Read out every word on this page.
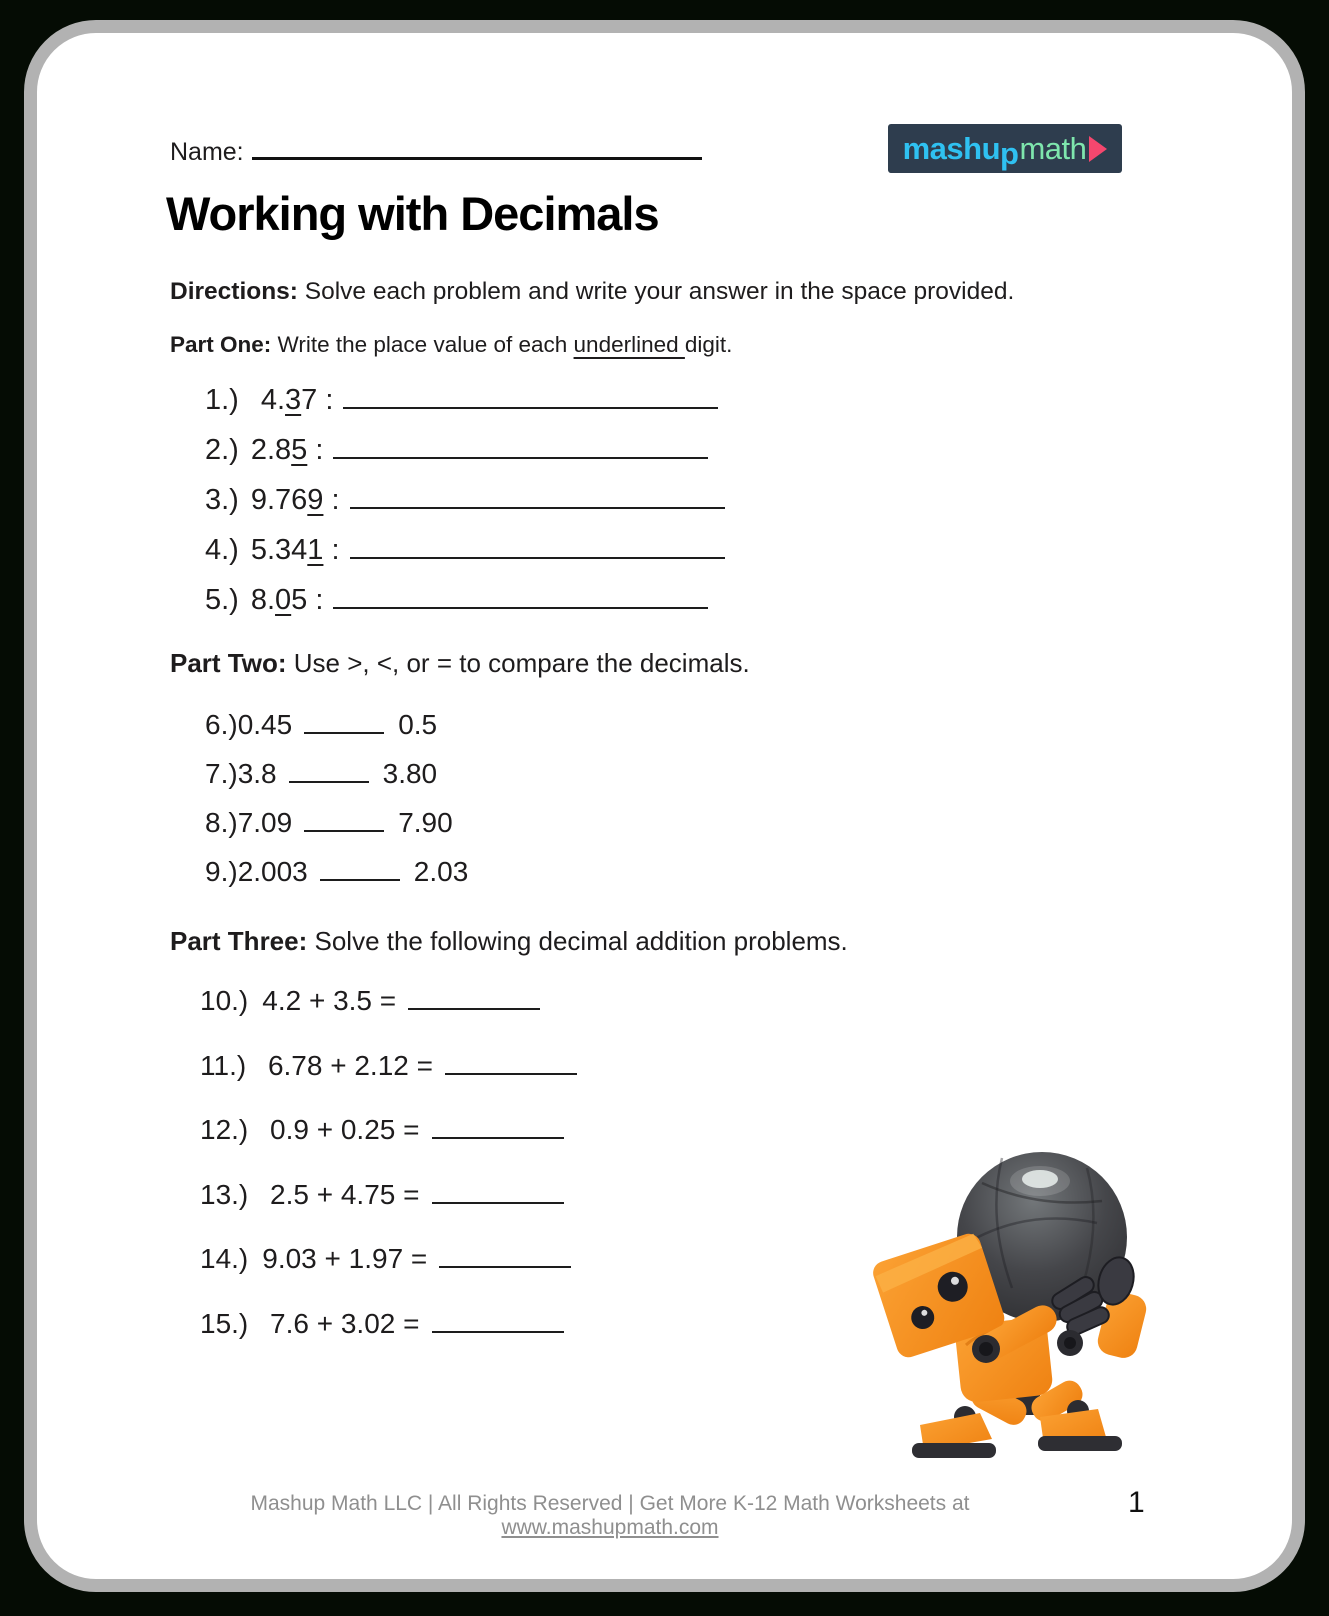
Name:	mashu p math
Working with Decimals
Directions: Solve each problem and write your answer in the space provided.
Part One: Write the place value of each underlined digit.
1.) 4.37
:
2.) 2.85
:
3.) 9.769
:
4.) 5.341
:
5.) 8.05
:
Part Two: Use >, <, or = to compare the decimals.
6.) 0.45	0.5
7.) 3.8	3.80
8.) 7.09	7.90
9.) 2.003	2.03
Part Three: Solve the following decimal addition problems.
10.) 4.2 + 3.5 =
11.) 6.78 + 2.12 =
12.) 0.9 + 0.25 =
13.) 2.5 + 4.75 =
14.) 9.03 + 1.97 =
15.) 7.6 + 3.02 =
Mashup Math LLC | All Rights Reserved | Get More K-12 Math Worksheets at www.mashupmath.com
1
